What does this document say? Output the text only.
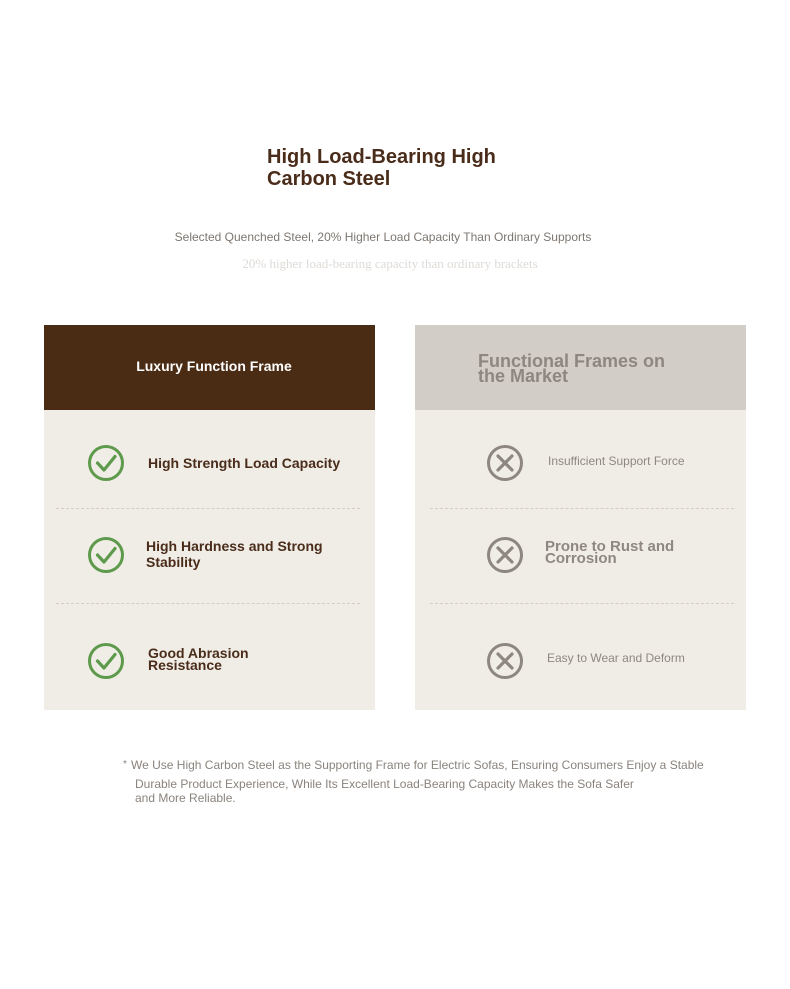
High Load-Bearing High
Carbon Steel
Selected Quenched Steel, 20% Higher Load Capacity Than Ordinary Supports
20% higher load-bearing capacity than ordinary brackets
Luxury Function Frame
High Strength Load Capacity
High Hardness and Strong
Stability
Good Abrasion
Resistance
Functional Frames on
the Market
Insufficient Support Force
Prone to Rust and
Corrosion
Easy to Wear and Deform
* We Use High Carbon Steel as the Supporting Frame for Electric Sofas, Ensuring Consumers Enjoy a Stable
Durable Product Experience, While Its Excellent Load-Bearing Capacity Makes the Sofa Safer
and More Reliable.
